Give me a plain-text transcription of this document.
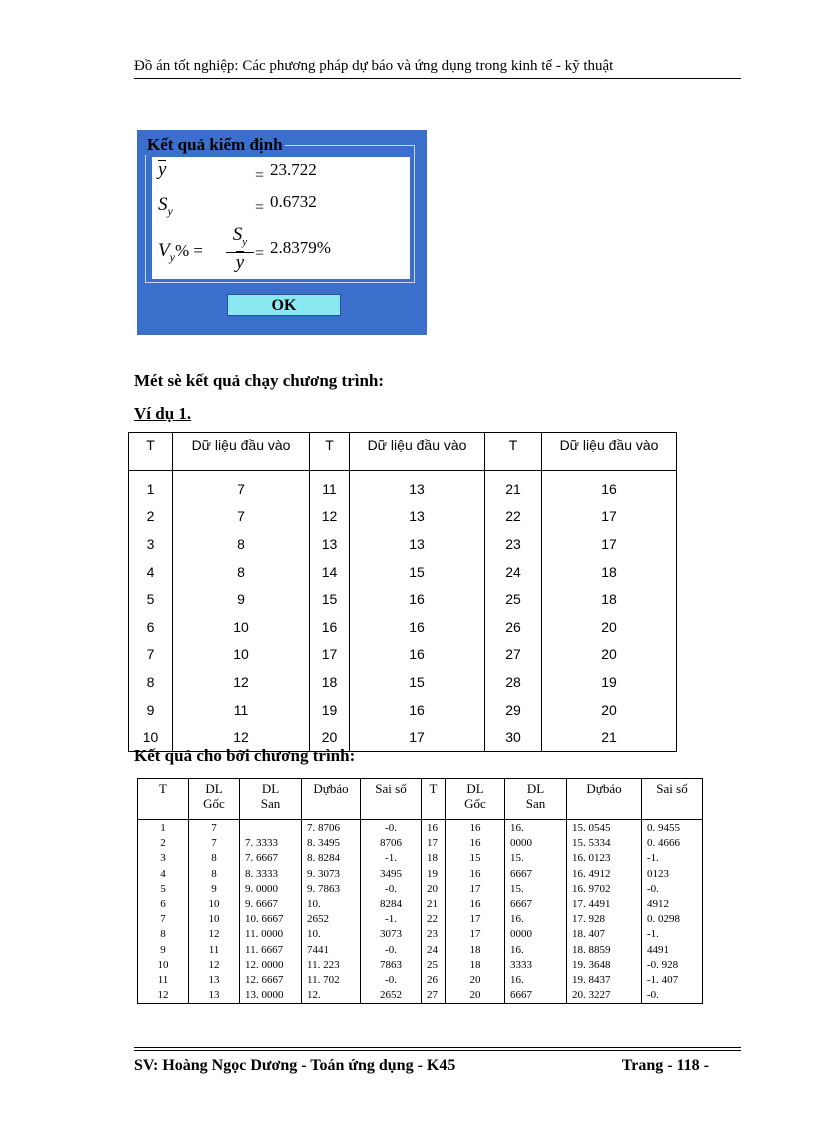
Đồ án tốt nghiệp: Các phương pháp dự báo và ứng dụng trong kinh tế - kỹ thuật
Kết quả kiểm định
y	= 23.722
$S_y$	= 0.6732
$V_y\%$ =
$S_y$
y = 2.8379%
OK
Mét sè kết quả chạy chương trình:
Ví dụ 1.
T	Dữ liệu đầu vào	T	Dữ liệu đầu vào	T	Dữ liệu đầu vào
1	7	11	13	21	16
2	7	12	13	22	17
3	8	13	13	23	17
4	8	14	15	24	18
5	9	15	16	25	18
6	10	16	16	26	20
7	10	17	16	27	20
8	12	18	15	28	19
9	11	19	16	29	20
10	12	20	17	30	21
Kết quả cho bởi chương trình:
T	DL Gốc	DL San	Dựbáo	Sai số	T	DL Gốc	DL San	Dựbáo	Sai số
1	7		7. 8706	-0.	16	16	16.	15. 0545	0. 9455
2	7	7. 3333	8. 3495	8706	17	16	0000	15. 5334	0. 4666
3	8	7. 6667	8. 8284	-1.	18	15	15.	16. 0123	-1.
4	8	8. 3333	9. 3073	3495	19	16	6667	16. 4912	0123
5	9	9. 0000	9. 7863	-0.	20	17	15.	16. 9702	-0.
6	10	9. 6667	10.	8284	21	16	6667	17. 4491	4912
7	10	10. 6667	2652	-1.	22	17	16.	17. 928	0. 0298
8	12	11. 0000	10.	3073	23	17	0000	18. 407	-1.
9	11	11. 6667	7441	-0.	24	18	16.	18. 8859	4491
10	12	12. 0000	11. 223	7863	25	18	3333	19. 3648	-0. 928
11	13	12. 6667	11. 702	-0.	26	20	16.	19. 8437	-1. 407
12	13	13. 0000	12.	2652	27	20	6667	20. 3227	-0.
SV: Hoàng Ngọc Dương - Toán ứng dụng - K45	Trang - 118 -
